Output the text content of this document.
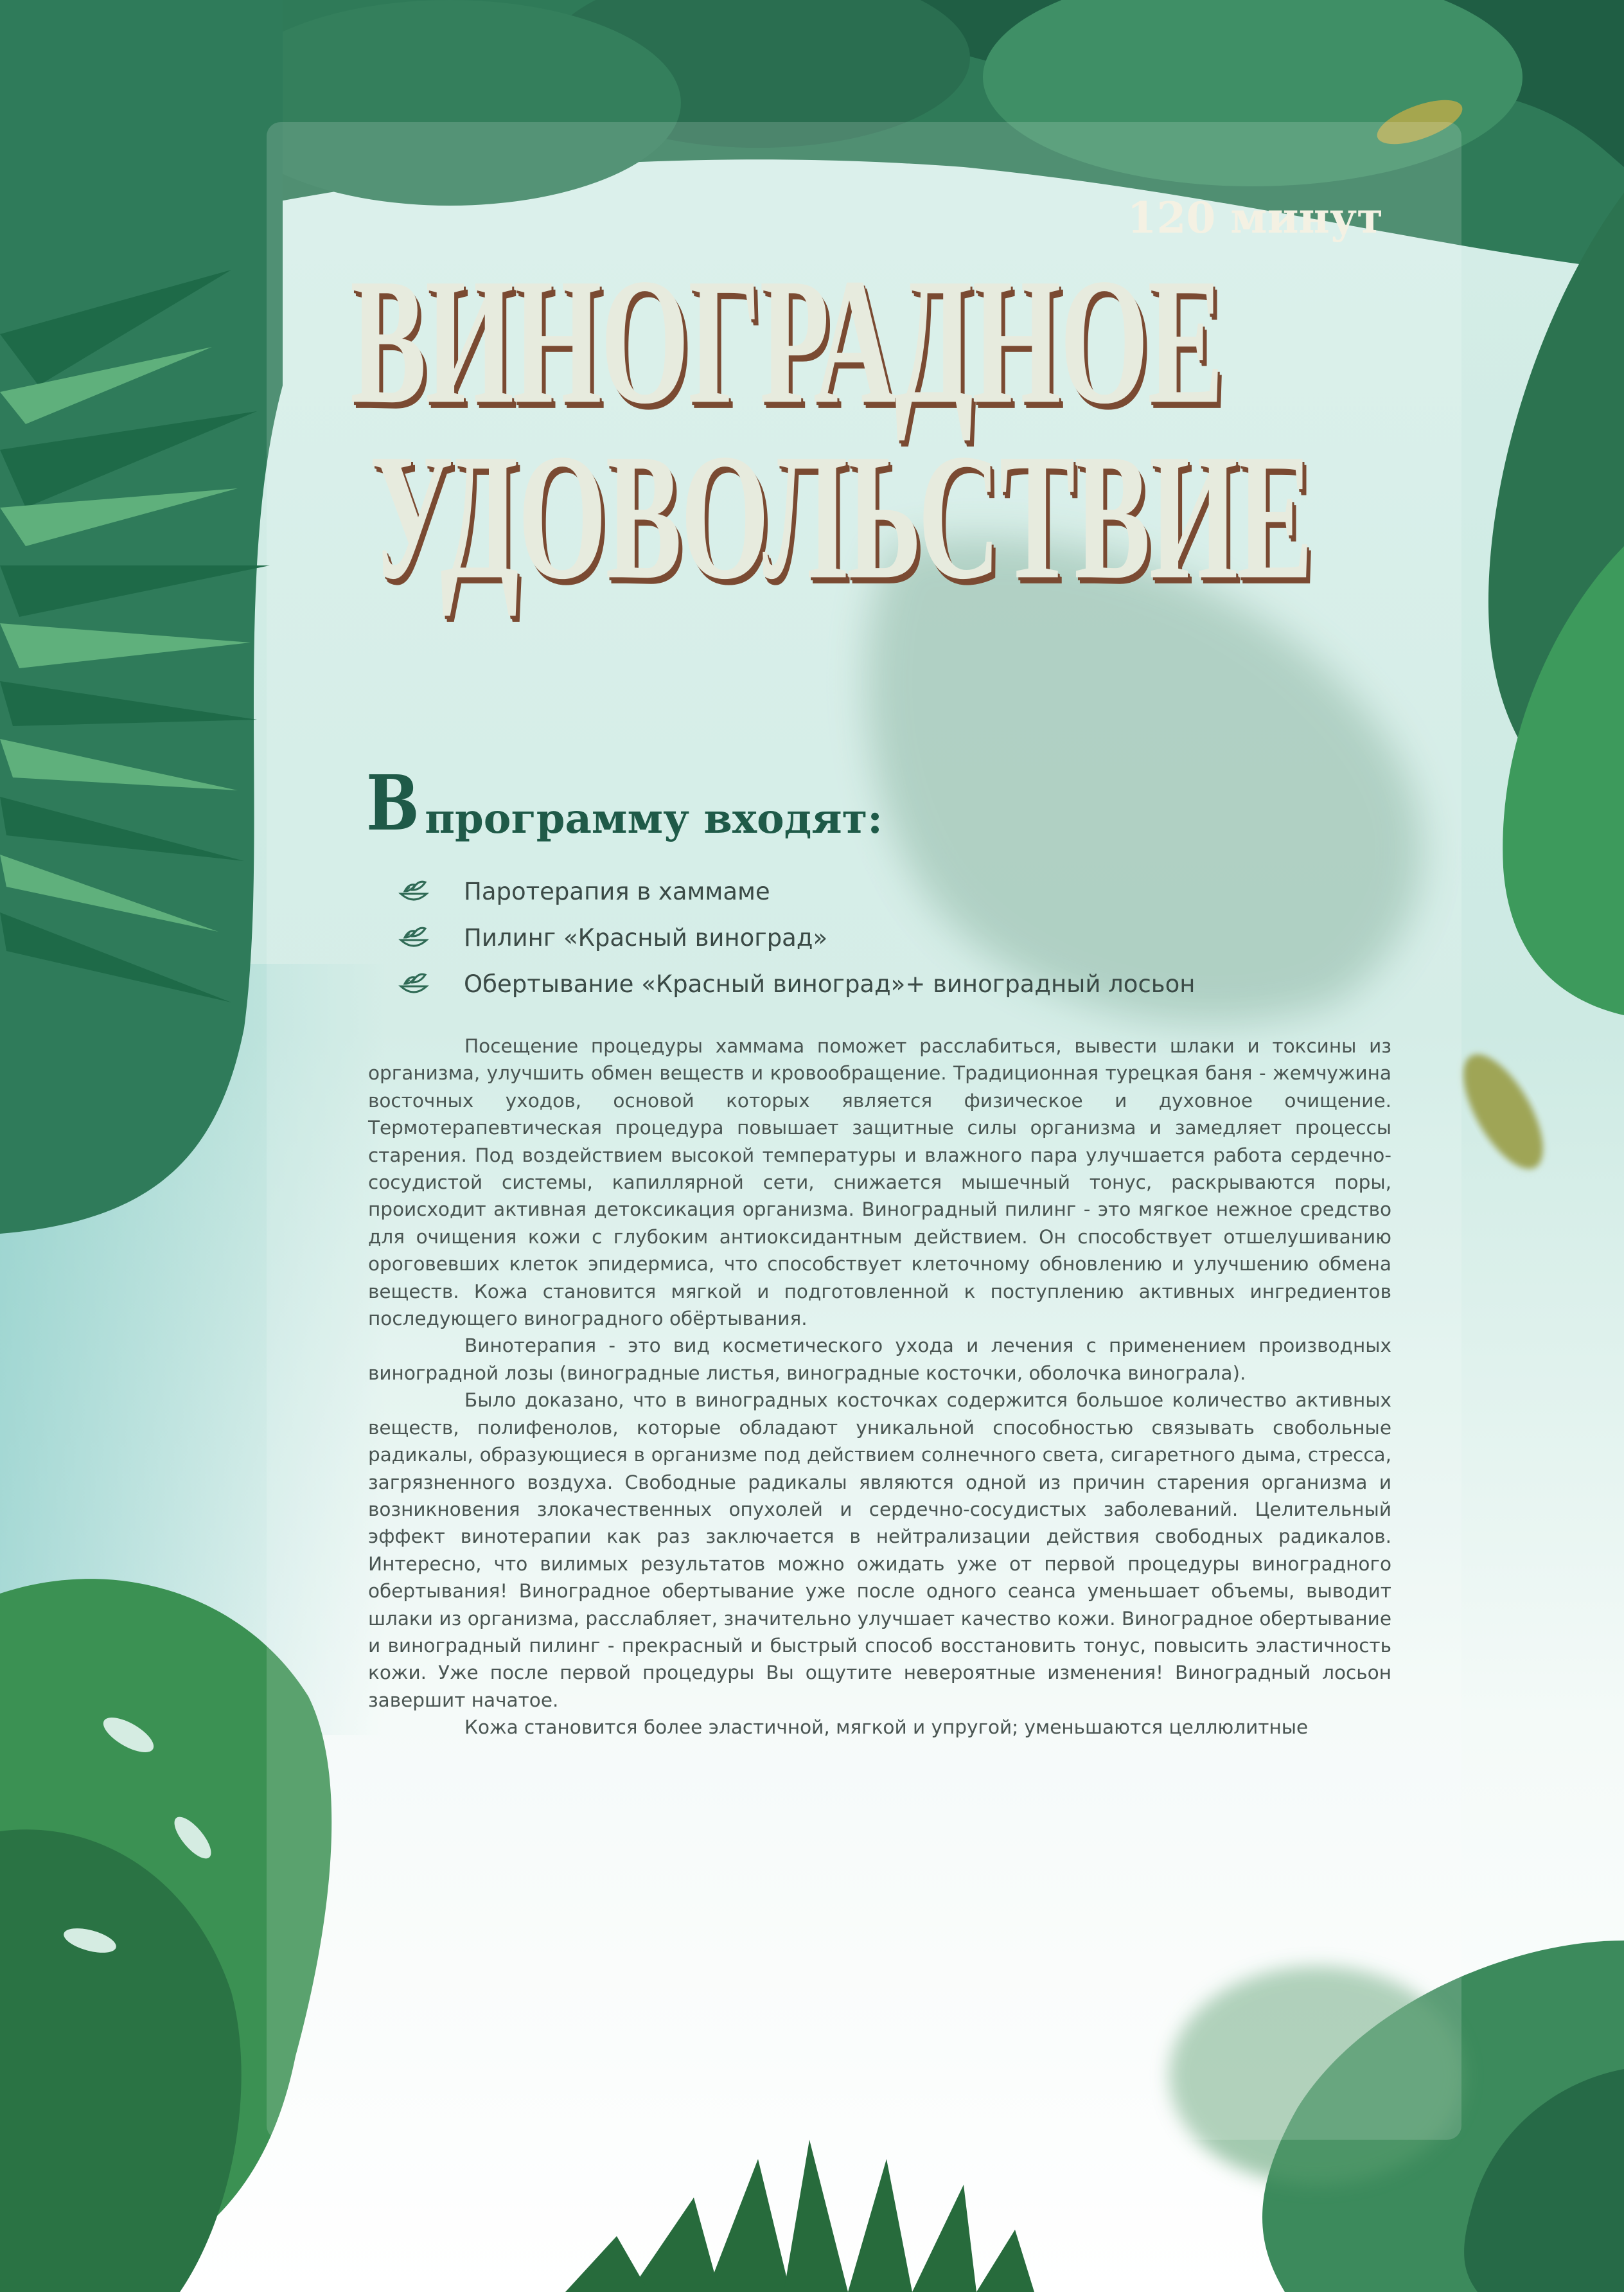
120 минут

ВИНОГРАДНОЕ
УДОВОЛЬСТВИЕ
В программу входят:
Паротерапия в хаммаме
Пилинг «Красный виноград»
Обертывание «Красный виноград»+ виноградный лосьон

Посещение процедуры хаммама поможет расслабиться, вывести шлаки и токсины из организма, улучшить обмен веществ и кровообращение. Традиционная турецкая баня - жемчужина восточных уходов, основой которых является физическое и духовное очищение. Термотерапевтическая процедура повышает защитные силы организма и замедляет процессы старения. Под воздействием высокой температуры и влажного пара улучшается работа сердечно-сосудистой системы, капиллярной сети, снижается мышечный тонус, раскрываются поры, происходит активная детоксикация организма. Виноградный пилинг - это мягкое нежное средство для очищения кожи с глубоким антиоксидантным действием. Он способствует отшелушиванию ороговевших клеток эпидермиса, что способствует клеточному обновлению и улучшению обмена веществ. Кожа становится мягкой и подготовленной к поступлению активных ингредиентов последующего виноградного обёртывания.

Винотерапия - это вид косметического ухода и лечения с применением производных виноградной лозы (виноградные листья, виноградные косточки, оболочка винограла).

Было доказано, что в виноградных косточках содержится большое количество активных веществ, полифенолов, которые обладают уникальной способностью связывать свобольные радикалы, образующиеся в организме под действием солнечного света, сигаретного дыма, стресса, загрязненного воздуха. Свободные радикалы являются одной из причин старения организма и возникновения злокачественных опухолей и сердечно-сосудистых заболеваний. Целительный эффект винотерапии как раз заключается в нейтрализации действия свободных радикалов. Интересно, что вилимых результатов можно ожидать уже от первой процедуры виноградного обертывания! Виноградное обертывание уже после одного сеанса уменьшает объемы, выводит шлаки из организма, расслабляет, значительно улучшает качество кожи. Виноградное обертывание и виноградный пилинг - прекрасный и быстрый способ восстановить тонус, повысить эластичность кожи. Уже после первой процедуры Вы ощутите невероятные изменения! Виноградный лосьон завершит начатое.

Кожа становится более эластичной, мягкой и упругой; уменьшаются целлюлитные
